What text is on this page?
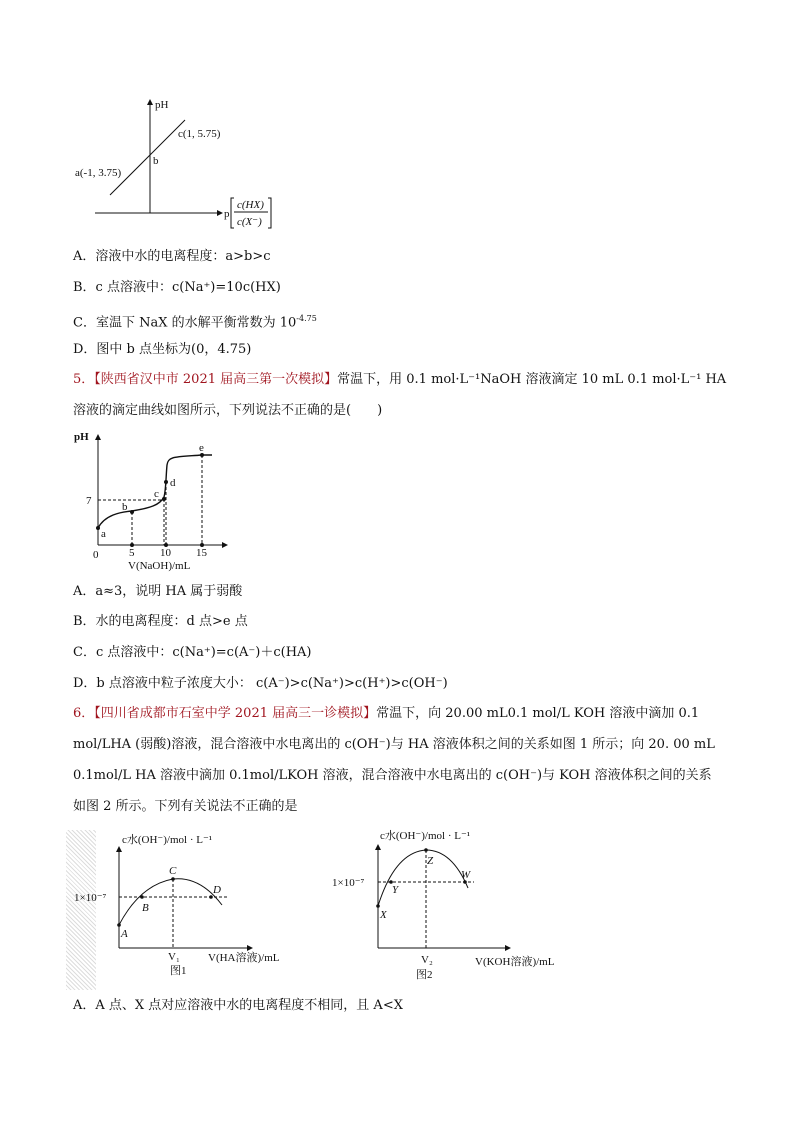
pH
c(1, 5.75)
b
a(-1, 3.75)
p
c(HX)
c(X⁻)
pH
7
a
b
c
d
e
0	5 10 15
V(NaOH)/mL
c水(OH⁻)/mol · L⁻¹
1×10⁻⁷
A
B
C
D
V₁	V(HA溶液)/mL
图1
c水(OH⁻)/mol · L⁻¹
1×10⁻⁷
X
Y
Z
W
V₂	V(KOH溶液)/mL
图2
A．溶液中水的电离程度：a>b>c
B．c 点溶液中：c(Na⁺)=10c(HX)
C．室温下 NaX 的水解平衡常数为 $10^{-4.75}$
D．图中 b 点坐标为(0，4.75)
5．【陕西省汉中市 2021 届高三第一次模拟】常温下，用 0.1 mol·L⁻¹NaOH 溶液滴定 10 mL 0.1 mol·L⁻¹ HA
溶液的滴定曲线如图所示，下列说法不正确的是(　　)
A．a≈3，说明 HA 属于弱酸
B．水的电离程度：d 点>e 点
C．c 点溶液中：c(Na⁺)=c(A⁻)＋c(HA)
D．b 点溶液中粒子浓度大小： c(A⁻)>c(Na⁺)>c(H⁺)>c(OH⁻)
6．【四川省成都市石室中学 2021 届高三一诊模拟】常温下，向 20.00 mL0.1 mol/L KOH 溶液中滴加 0.1
mol/LHA (弱酸)溶液，混合溶液中水电离出的 c(OH⁻)与 HA 溶液体积之间的关系如图 1 所示；向 20. 00 mL
0.1mol/L HA 溶液中滴加 0.1mol/LKOH 溶液，混合溶液中水电离出的 c(OH⁻)与 KOH 溶液体积之间的关系
如图 2 所示。下列有关说法不正确的是
A．A 点、X 点对应溶液中水的电离程度不相同，且 A<X
